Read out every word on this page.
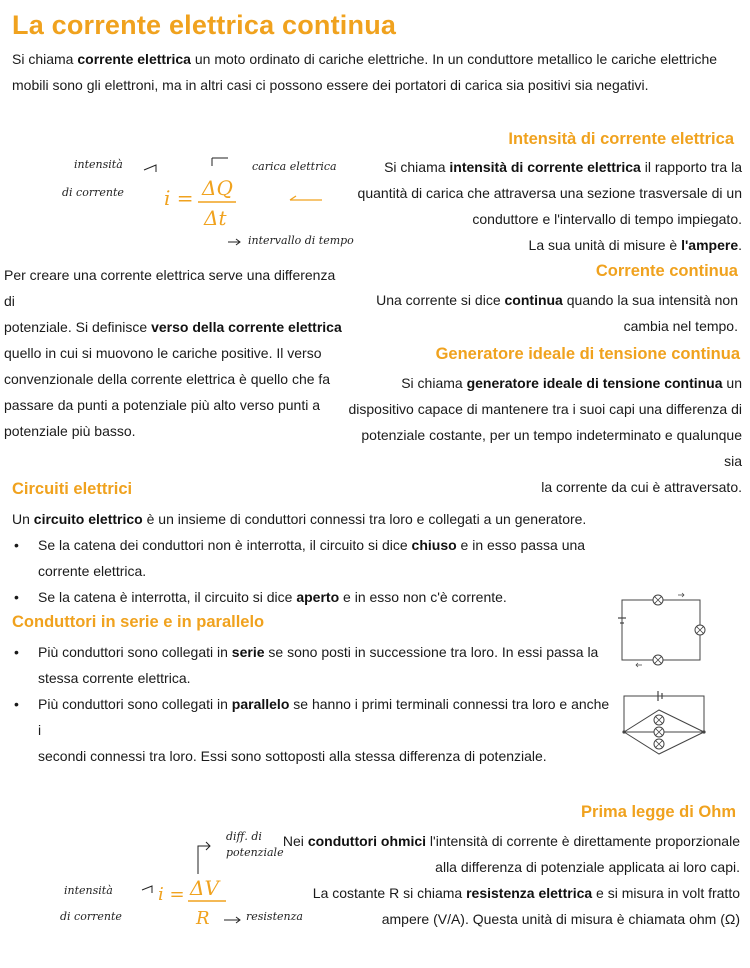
La corrente elettrica continua
Si chiama corrente elettrica un moto ordinato di cariche elettriche. In un conduttore metallico le cariche elettriche
mobili sono gli elettroni, ma in altri casi ci possono essere dei portatori di carica sia positivi sia negativi.
Intensità di corrente elettrica
Si chiama intensità di corrente elettrica il rapporto tra la
quantità di carica che attraversa una sezione trasversale di un
conduttore e l'intervallo di tempo impiegato.
La sua unità di misure è l'ampere.
intensità
di corrente
carica elettrica
intervallo di tempo
i = ΔQ
Δt
Per creare una corrente elettrica serve una differenza di
potenziale. Si definisce verso della corrente elettrica
quello in cui si muovono le cariche positive. Il verso
convenzionale della corrente elettrica è quello che fa
passare da punti a potenziale più alto verso punti a
potenziale più basso.
Corrente continua
Una corrente si dice continua quando la sua intensità non
cambia nel tempo.
Generatore ideale di tensione continua
Si chiama generatore ideale di tensione continua un
dispositivo capace di mantenere tra i suoi capi una differenza di
potenziale costante, per un tempo indeterminato e qualunque sia
la corrente da cui è attraversato.
Circuiti elettrici
Un circuito elettrico è un insieme di conduttori connessi tra loro e collegati a un generatore.
• Se la catena dei conduttori non è interrotta, il circuito si dice chiuso e in esso passa una
corrente elettrica.
• Se la catena è interrotta, il circuito si dice aperto e in esso non c'è corrente.
Conduttori in serie e in parallelo
• Più conduttori sono collegati in serie se sono posti in successione tra loro. In essi passa la
stessa corrente elettrica.
• Più conduttori sono collegati in parallelo se hanno i primi terminali connessi tra loro e anche i
secondi connessi tra loro. Essi sono sottoposti alla stessa differenza di potenziale.
Prima legge di Ohm
Nei conduttori ohmici l'intensità di corrente è direttamente proporzionale
alla differenza di potenziale applicata ai loro capi.
La costante R si chiama resistenza elettrica e si misura in volt fratto
ampere (V/A). Questa unità di misura è chiamata ohm (Ω)
diff. di
potenziale
intensità
di corrente	resistenza
i = ΔV
R
